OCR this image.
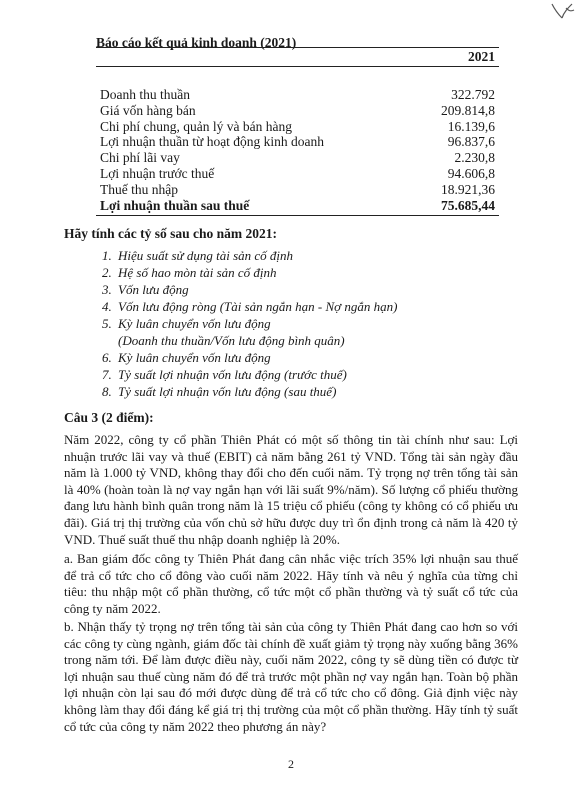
Báo cáo kết quả kinh doanh (2021)
2021
Doanh thu thuần	322.792
Giá vốn hàng bán	209.814,8
Chi phí chung, quản lý và bán hàng	16.139,6
Lợi nhuận thuần từ hoạt động kinh doanh	96.837,6
Chi phí lãi vay	2.230,8
Lợi nhuận trước thuế	94.606,8
Thuế thu nhập	18.921,36
Lợi nhuận thuần sau thuế	75.685,44
Hãy tính các tỷ số sau cho năm 2021:
1. Hiệu suất sử dụng tài sản cố định
2. Hệ số hao mòn tài sản cố định
3. Vốn lưu động
4. Vốn lưu động ròng (Tài sản ngắn hạn - Nợ ngắn hạn)
5. Kỳ luân chuyển vốn lưu động
(Doanh thu thuần/Vốn lưu động bình quân)
6. Kỳ luân chuyển vốn lưu động
7. Tỷ suất lợi nhuận vốn lưu động (trước thuế)
8. Tỷ suất lợi nhuận vốn lưu động (sau thuế)
Câu 3 (2 điểm):

Năm 2022, công ty cổ phần Thiên Phát có một số thông tin tài chính như sau: Lợi nhuận trước lãi vay và thuế (EBIT) cả năm bằng 261 tỷ VND. Tổng tài sản ngày đầu năm là 1.000 tỷ VND, không thay đổi cho đến cuối năm. Tỷ trọng nợ trên tổng tài sản là 40% (hoàn toàn là nợ vay ngắn hạn với lãi suất 9%/năm). Số lượng cổ phiếu thường đang lưu hành bình quân trong năm là 15 triệu cổ phiếu (công ty không có cổ phiếu ưu đãi). Giá trị thị trường của vốn chủ sở hữu được duy trì ổn định trong cả năm là 420 tỷ VND. Thuế suất thuế thu nhập doanh nghiệp là 20%.

a. Ban giám đốc công ty Thiên Phát đang cân nhắc việc trích 35% lợi nhuận sau thuế để trả cổ tức cho cổ đông vào cuối năm 2022. Hãy tính và nêu ý nghĩa của từng chỉ tiêu: thu nhập một cổ phần thường, cổ tức một cổ phần thường và tỷ suất cổ tức của công ty năm 2022.

b. Nhận thấy tỷ trọng nợ trên tổng tài sản của công ty Thiên Phát đang cao hơn so với các công ty cùng ngành, giám đốc tài chính đề xuất giảm tỷ trọng này xuống bằng 36% trong năm tới. Để làm được điều này, cuối năm 2022, công ty sẽ dùng tiền có được từ lợi nhuận sau thuế cùng năm đó để trả trước một phần nợ vay ngắn hạn. Toàn bộ phần lợi nhuận còn lại sau đó mới được dùng để trả cổ tức cho cổ đông. Giả định việc này không làm thay đổi đáng kể giá trị thị trường của một cổ phần thường. Hãy tính tỷ suất cổ tức của công ty năm 2022 theo phương án này?

2
